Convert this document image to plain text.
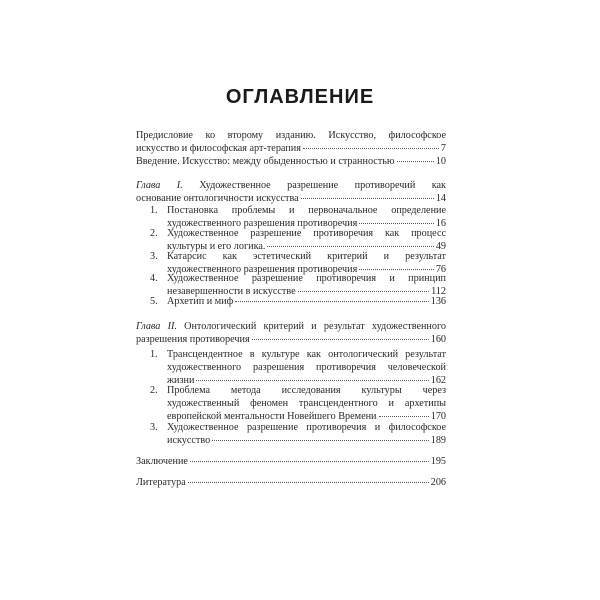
ОГЛАВЛЕНИЕ
Предисловие ко второму изданию. Искусство, философское
искусство и философская арт-терапия	7
Введение. Искусство: между обыденностью и странностью	10
Глава I. Художественное разрешение противоречий как
основание онтологичности искусства	14
1. Постановка проблемы и первоначальное определение
художественного разрешения противоречия	16
2. Художественное разрешение противоречия как процесс
культуры и его логика.	49
3. Катарсис как эстетический критерий и результат
художественного разрешения противоречия	76
4. Художественное разрешение противоречия и принцип
незавершенности в искусстве	112
5. Архетип и миф	136
Глава II. Онтологический критерий и результат художественного
разрешения противоречия	160
1. Трансцендентное в культуре как онтологический результат
художественного разрешения противоречия человеческой
жизни	162
2. Проблема метода исследования культуры через
художественный феномен трансцендентного и архетипы
европейской ментальности Новейшего Времени	170
3. Художественное разрешение противоречия и философское
искусство	189
Заключение	195
Литература	206
